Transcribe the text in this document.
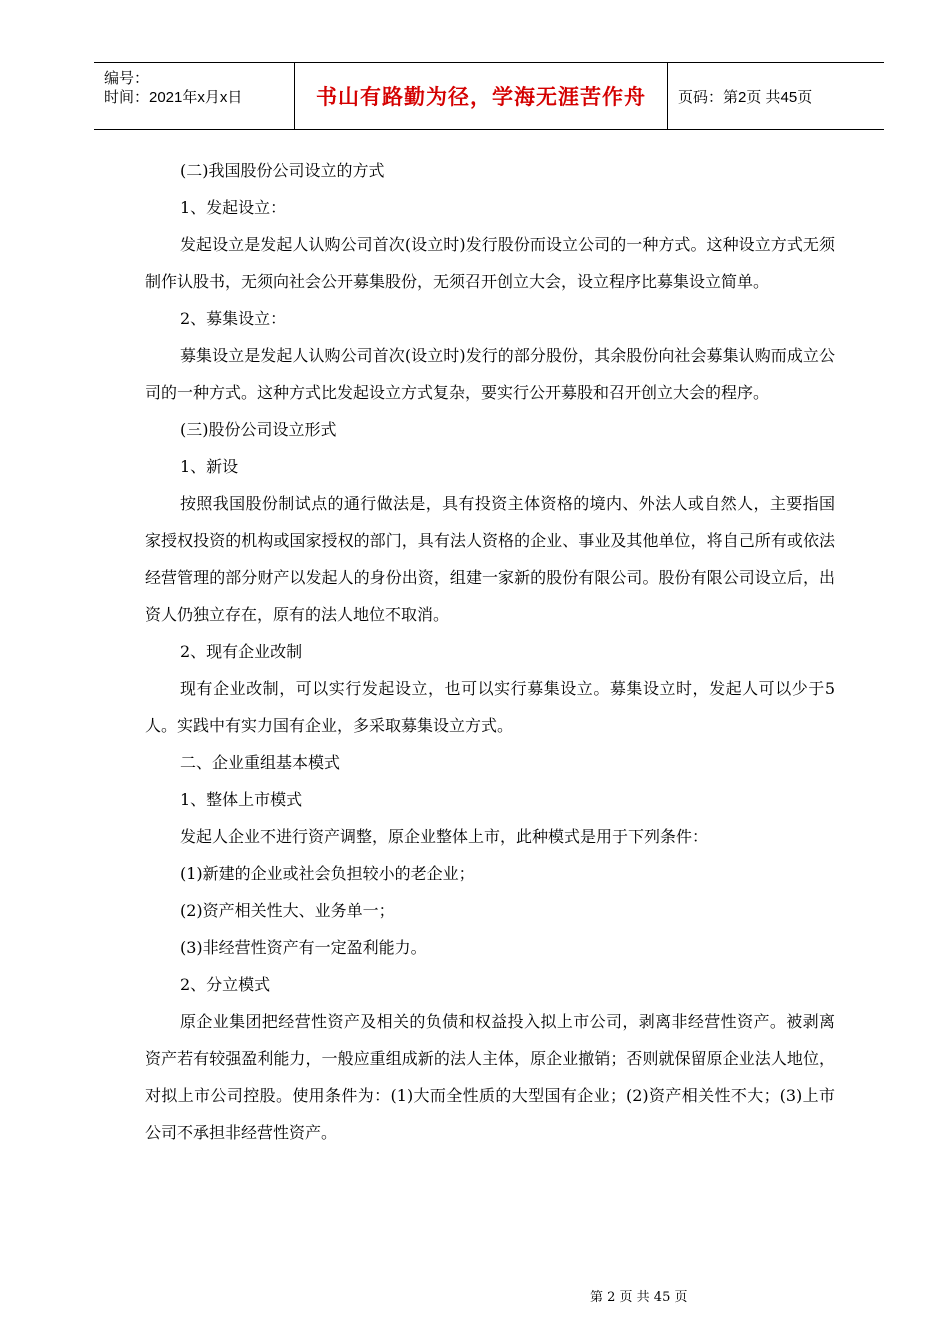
编号：
时间：2021年x月x日	书山有路勤为径，学海无涯苦作舟	页码：第2页 共45页

(二)我国股份公司设立的方式

1、发起设立：

发起设立是发起人认购公司首次(设立时)发行股份而设立公司的一种方式。这种设立方式无须制作认股书，无须向社会公开募集股份，无须召开创立大会，设立程序比募集设立简单。

2、募集设立：

募集设立是发起人认购公司首次(设立时)发行的部分股份，其余股份向社会募集认购而成立公司的一种方式。这种方式比发起设立方式复杂，要实行公开募股和召开创立大会的程序。

(三)股份公司设立形式

1、新设

按照我国股份制试点的通行做法是，具有投资主体资格的境内、外法人或自然人，主要指国家授权投资的机构或国家授权的部门，具有法人资格的企业、事业及其他单位，将自己所有或依法经营管理的部分财产以发起人的身份出资，组建一家新的股份有限公司。股份有限公司设立后，出资人仍独立存在，原有的法人地位不取消。

2、现有企业改制

现有企业改制，可以实行发起设立，也可以实行募集设立。募集设立时，发起人可以少于5人。实践中有实力国有企业，多采取募集设立方式。

二、企业重组基本模式

1、整体上市模式

发起人企业不进行资产调整，原企业整体上市，此种模式是用于下列条件：

(1)新建的企业或社会负担较小的老企业；

(2)资产相关性大、业务单一；

(3)非经营性资产有一定盈利能力。

2、分立模式

原企业集团把经营性资产及相关的负债和权益投入拟上市公司，剥离非经营性资产。被剥离资产若有较强盈利能力，一般应重组成新的法人主体，原企业撤销；否则就保留原企业法人地位，对拟上市公司控股。使用条件为：(1)大而全性质的大型国有企业；(2)资产相关性不大；(3)上市公司不承担非经营性资产。

第 2 页 共 45 页
